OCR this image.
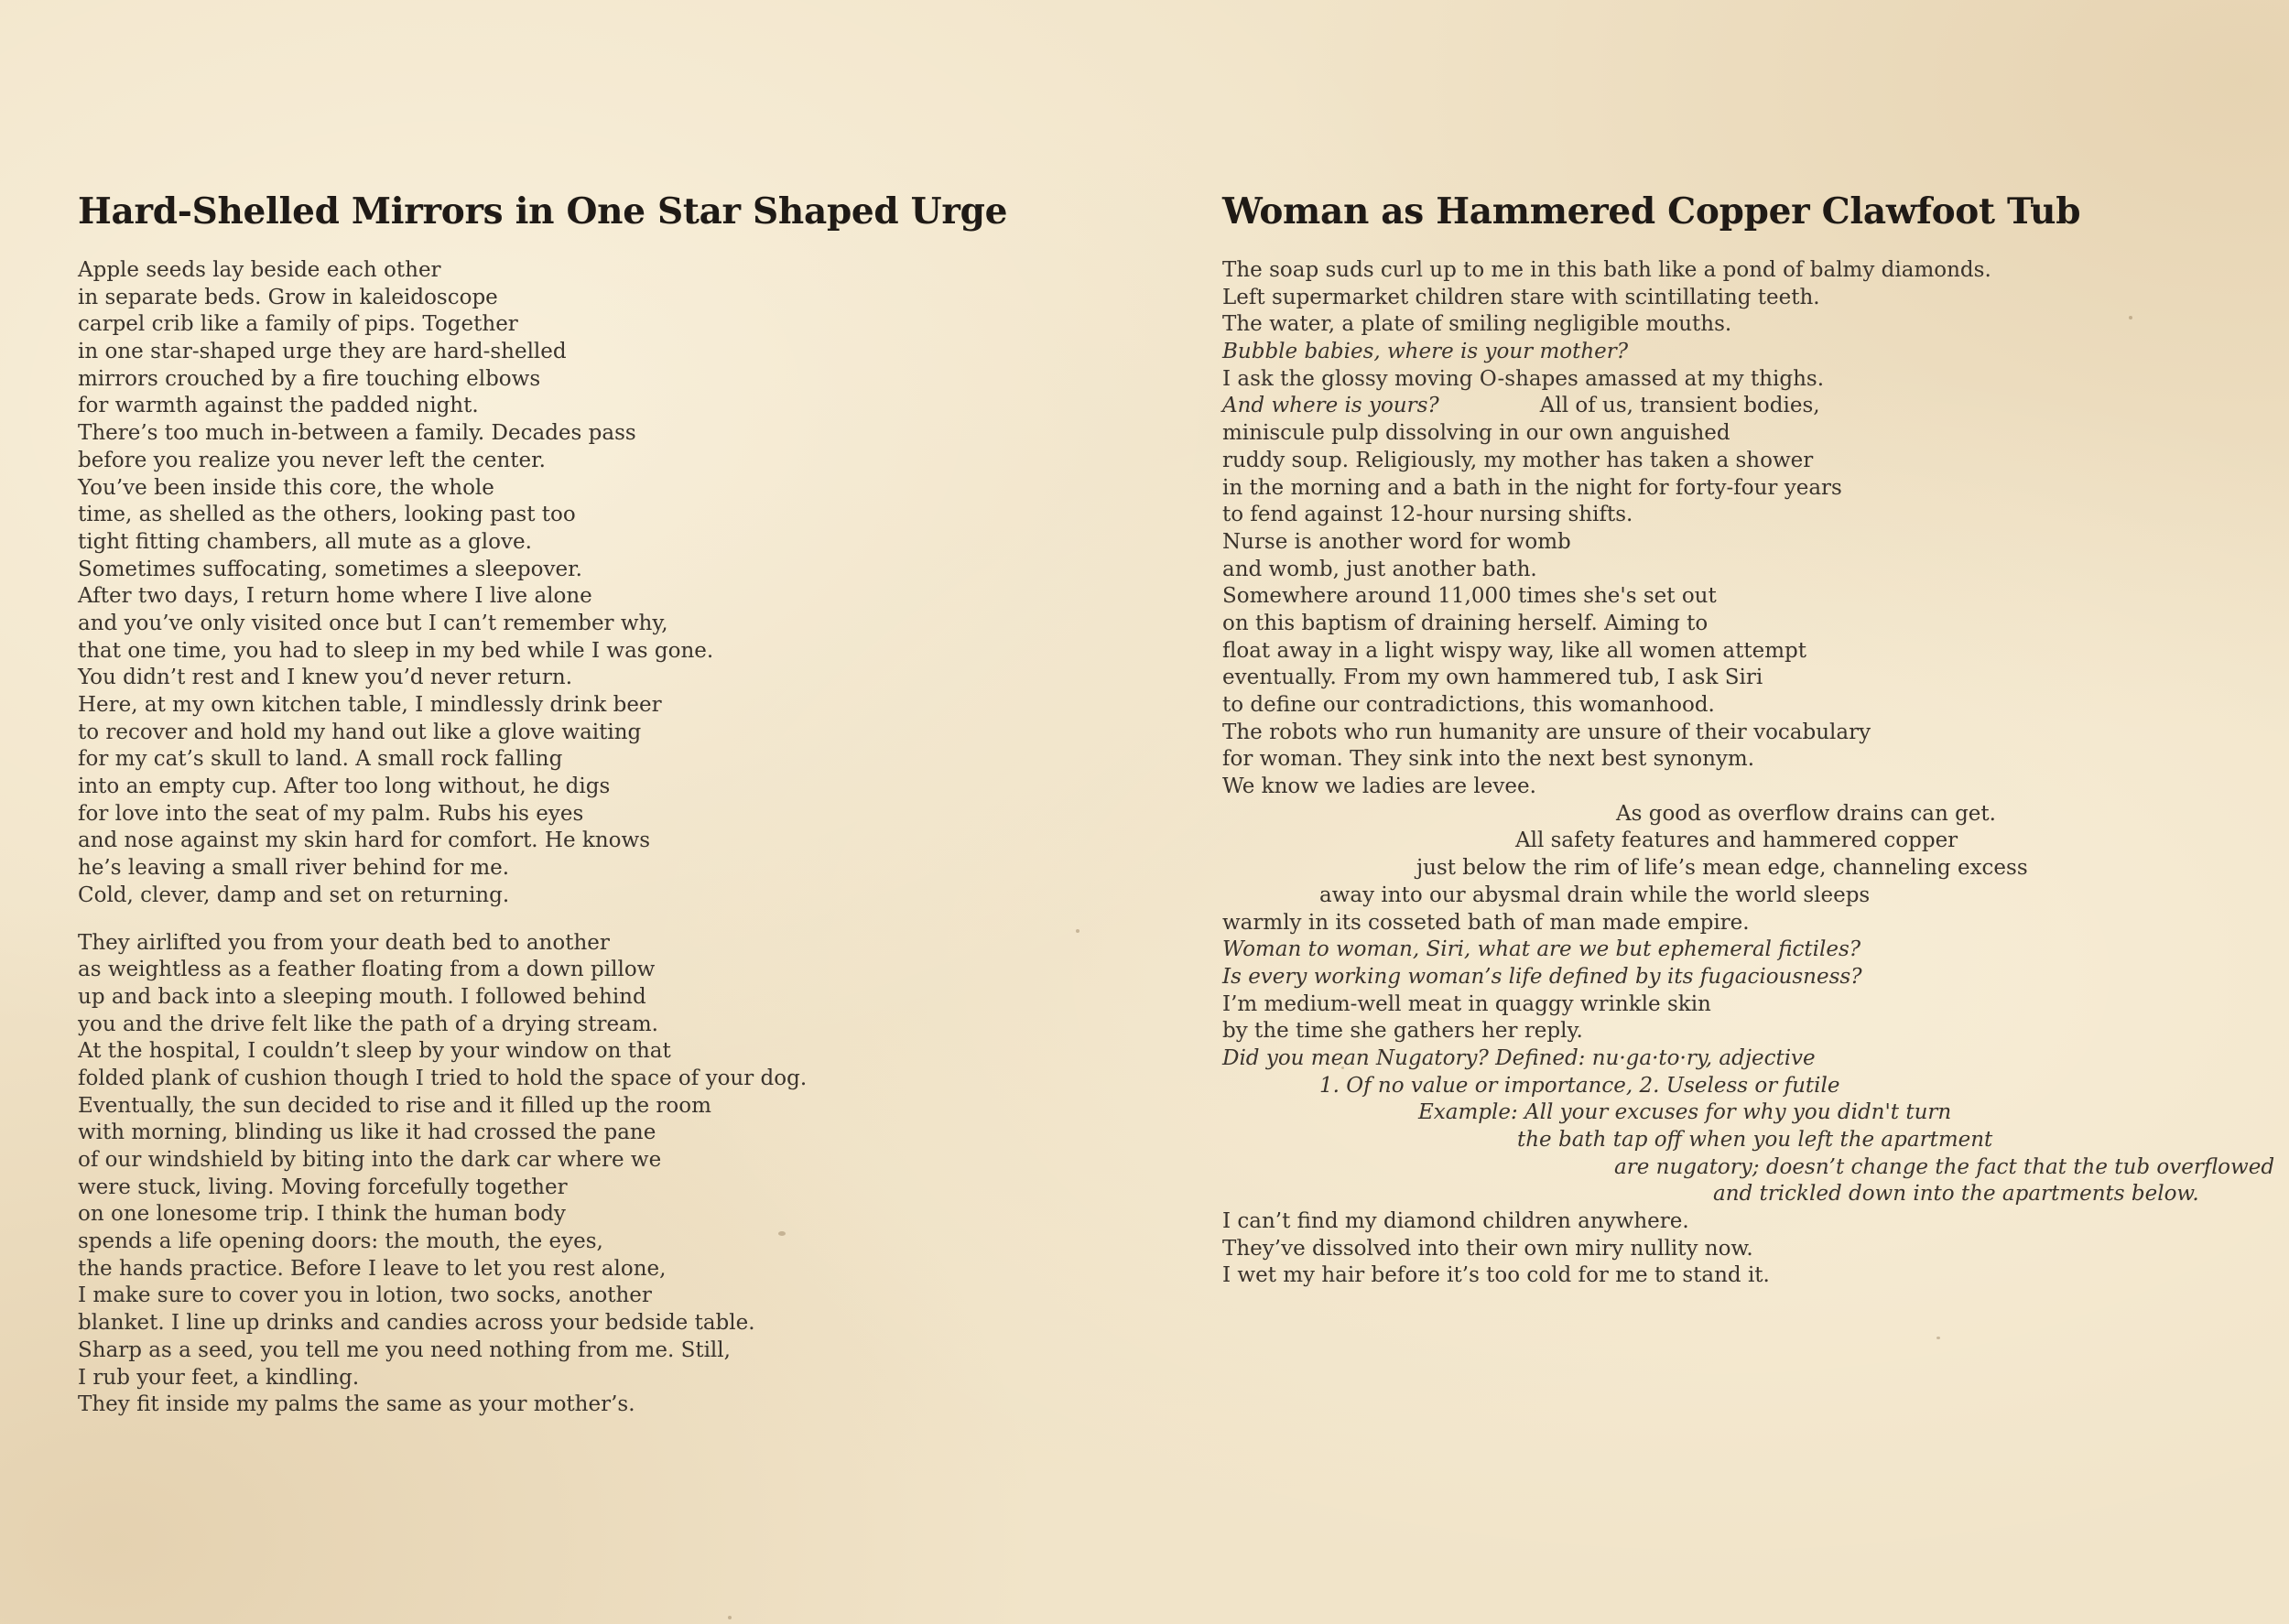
Hard-Shelled Mirrors in One Star Shaped Urge
Apple seeds lay beside each other
in separate beds. Grow in kaleidoscope
carpel crib like a family of pips. Together
in one star-shaped urge they are hard-shelled
mirrors crouched by a fire touching elbows
for warmth against the padded night.
There’s too much in-between a family. Decades pass
before you realize you never left the center.
You’ve been inside this core, the whole
time, as shelled as the others, looking past too
tight fitting chambers, all mute as a glove.
Sometimes suffocating, sometimes a sleepover.
After two days, I return home where I live alone
and you’ve only visited once but I can’t remember why,
that one time, you had to sleep in my bed while I was gone.
You didn’t rest and I knew you’d never return.
Here, at my own kitchen table, I mindlessly drink beer
to recover and hold my hand out like a glove waiting
for my cat’s skull to land. A small rock falling
into an empty cup. After too long without, he digs
for love into the seat of my palm. Rubs his eyes
and nose against my skin hard for comfort. He knows
he’s leaving a small river behind for me.
Cold, clever, damp and set on returning.
They airlifted you from your death bed to another
as weightless as a feather floating from a down pillow
up and back into a sleeping mouth. I followed behind
you and the drive felt like the path of a drying stream.
At the hospital, I couldn’t sleep by your window on that
folded plank of cushion though I tried to hold the space of your dog.
Eventually, the sun decided to rise and it filled up the room
with morning, blinding us like it had crossed the pane
of our windshield by biting into the dark car where we
were stuck, living. Moving forcefully together
on one lonesome trip. I think the human body
spends a life opening doors: the mouth, the eyes,
the hands practice. Before I leave to let you rest alone,
I make sure to cover you in lotion, two socks, another
blanket. I line up drinks and candies across your bedside table.
Sharp as a seed, you tell me you need nothing from me. Still,
I rub your feet, a kindling.
They fit inside my palms the same as your mother’s.
Woman as Hammered Copper Clawfoot Tub
The soap suds curl up to me in this bath like a pond of balmy diamonds.
Left supermarket children stare with scintillating teeth.
The water, a plate of smiling negligible mouths.
Bubble babies, where is your mother?
I ask the glossy moving O-shapes amassed at my thighs.
And where is yours?	All of us, transient bodies,
miniscule pulp dissolving in our own anguished
ruddy soup. Religiously, my mother has taken a shower
in the morning and a bath in the night for forty-four years
to fend against 12-hour nursing shifts.
Nurse is another word for womb
and womb, just another bath.
Somewhere around 11,000 times she's set out
on this baptism of draining herself. Aiming to
float away in a light wispy way, like all women attempt
eventually. From my own hammered tub, I ask Siri
to define our contradictions, this womanhood.
The robots who run humanity are unsure of their vocabulary
for woman. They sink into the next best synonym.
We know we ladies are levee.
As good as overflow drains can get.
All safety features and hammered copper
just below the rim of life’s mean edge, channeling excess
away into our abysmal drain while the world sleeps
warmly in its cosseted bath of man made empire.
Woman to woman, Siri, what are we but ephemeral fictiles?
Is every working woman’s life defined by its fugaciousness?
I’m medium-well meat in quaggy wrinkle skin
by the time she gathers her reply.
Did you mean Nugatory? Defined: nu·ga·to·ry, adjective
1. Of no value or importance, 2. Useless or futile
Example: All your excuses for why you didn't turn
the bath tap off when you left the apartment
are nugatory; doesn’t change the fact that the tub overflowed
and trickled down into the apartments below.
I can’t find my diamond children anywhere.
They’ve dissolved into their own miry nullity now.
I wet my hair before it’s too cold for me to stand it.
